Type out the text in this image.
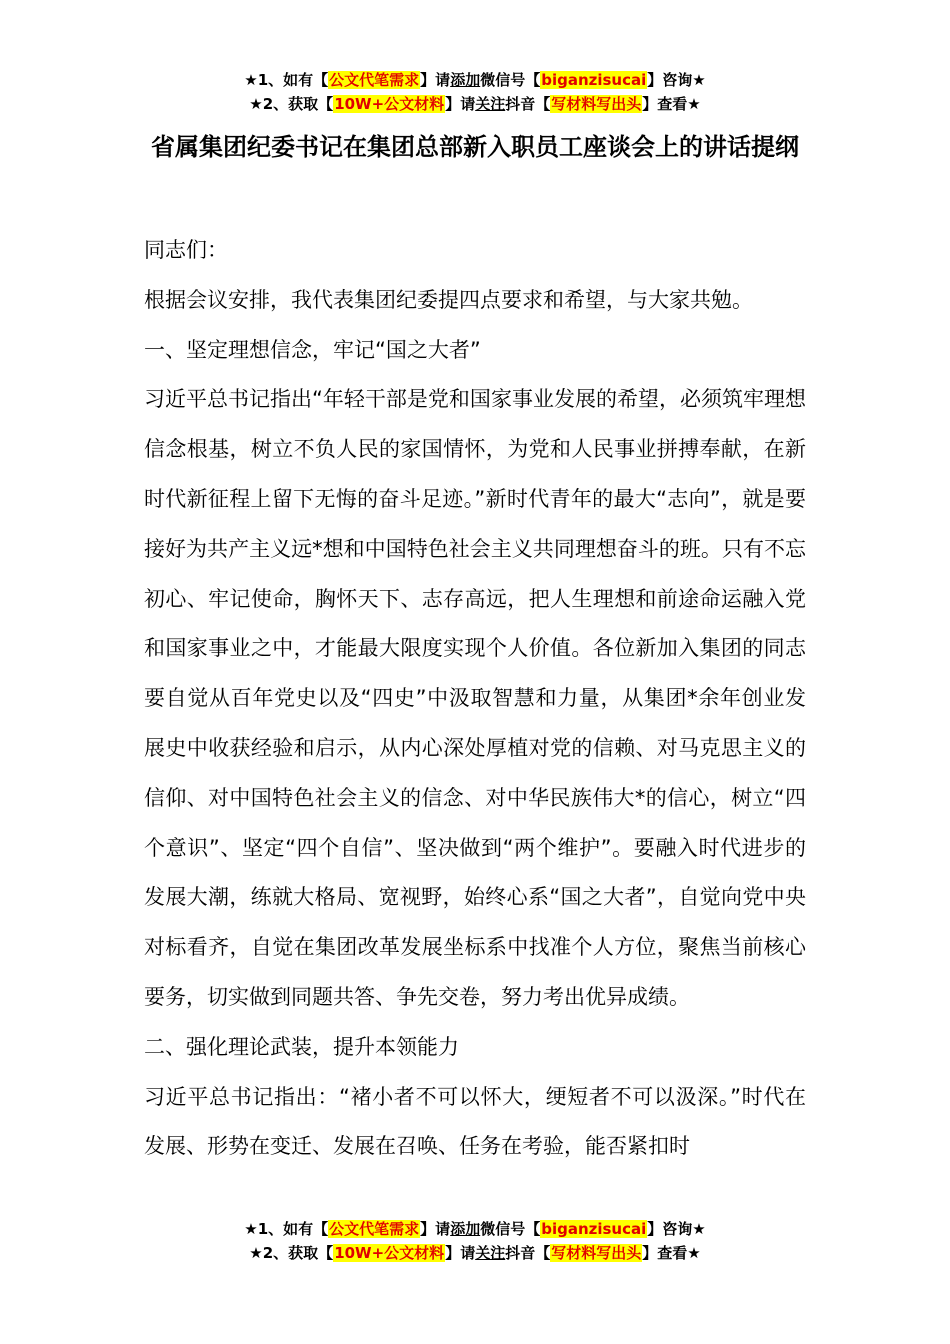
★1、如有【公文代笔需求】请添加微信号【biganzisucai】咨询★
★2、获取【10W+公文材料】请关注抖音【写材料写出头】查看★
省属集团纪委书记在集团总部新入职员工座谈会上的讲话提纲

同志们：

根据会议安排，我代表集团纪委提四点要求和希望，与大家共勉。

一、坚定理想信念，牢记“国之大者”

习近平总书记指出“年轻干部是党和国家事业发展的希望，必须筑牢理想信念根基，树立不负人民的家国情怀，为党和人民事业拼搏奉献，在新时代新征程上留下无悔的奋斗足迹。”新时代青年的最大“志向”，就是要接好为共产主义远*想和中国特色社会主义共同理想奋斗的班。只有不忘初心、牢记使命，胸怀天下、志存高远，把人生理想和前途命运融入党和国家事业之中，才能最大限度实现个人价值。各位新加入集团的同志要自觉从百年党史以及“四史”中汲取智慧和力量，从集团*余年创业发展史中收获经验和启示，从内心深处厚植对党的信赖、对马克思主义的信仰、对中国特色社会主义的信念、对中华民族伟大*的信心，树立“四个意识”、坚定“四个自信”、坚决做到“两个维护”。要融入时代进步的发展大潮，练就大格局、宽视野，始终心系“国之大者”，自觉向党中央对标看齐，自觉在集团改革发展坐标系中找准个人方位，聚焦当前核心要务，切实做到同题共答、争先交卷，努力考出优异成绩。

二、强化理论武装，提升本领能力

习近平总书记指出：“褚小者不可以怀大，绠短者不可以汲深。”时代在发展、形势在变迁、发展在召唤、任务在考验，能否紧扣时

★1、如有【公文代笔需求】请添加微信号【biganzisucai】咨询★
★2、获取【10W+公文材料】请关注抖音【写材料写出头】查看★
